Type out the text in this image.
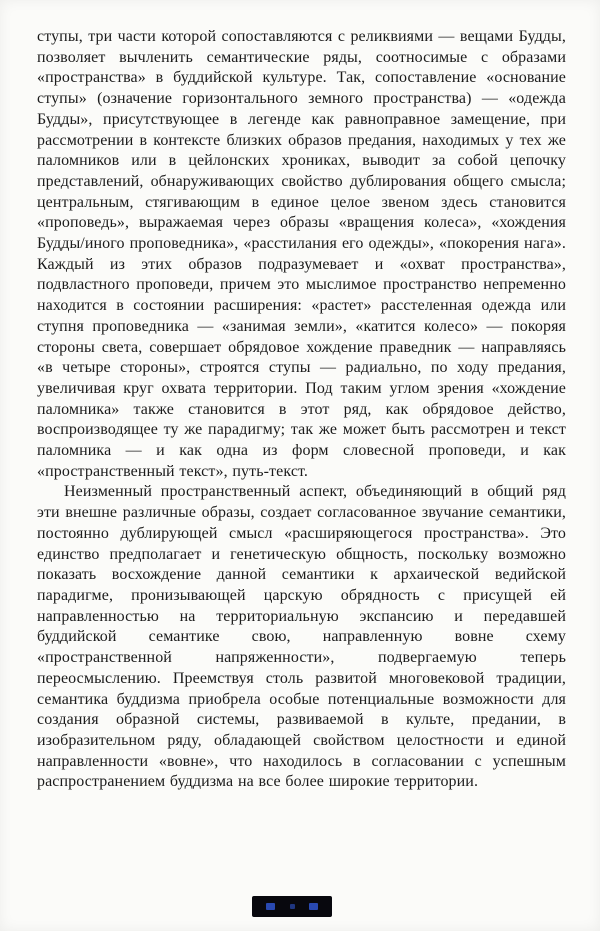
ступы, три части которой сопоставляются с реликвиями — вещами Будды, позволяет вычленить семантические ряды, соотносимые с образами «пространства» в буддийской культуре. Так, сопоставление «основание ступы» (означение горизонтального земного пространства) — «одежда Будды», присутствующее в легенде как равноправное замещение, при рассмотрении в контексте близких образов предания, находимых у тех же паломников или в цейлонских хрониках, выводит за собой цепочку представлений, обнаруживающих свойство дублирования общего смысла; центральным, стягивающим в единое целое звеном здесь становится «проповедь», выражаемая через образы «вращения колеса», «хождения Будды/иного проповедника», «расстилания его одежды», «покорения нага». Каждый из этих образов подразумевает и «охват пространства», подвластного проповеди, причем это мыслимое пространство непременно находится в состоянии расширения: «растет» расстеленная одежда или ступня проповедника — «занимая земли», «катится колесо» — покоряя стороны света, совершает обрядовое хождение праведник — направляясь «в четыре стороны», строятся ступы — радиально, по ходу предания, увеличивая круг охвата территории. Под таким углом зрения «хождение паломника» также становится в этот ряд, как обрядовое действо, воспроизводящее ту же парадигму; так же может быть рассмотрен и текст паломника — и как одна из форм словесной проповеди, и как «пространственный текст», путь-текст.

Неизменный пространственный аспект, объединяющий в общий ряд эти внешне различные образы, создает согласованное звучание семантики, постоянно дублирующей смысл «расширяющегося пространства». Это единство предполагает и генетическую общность, поскольку возможно показать восхождение данной семантики к архаической ведийской парадигме, пронизывающей царскую обрядность с присущей ей направленностью на территориальную экспансию и передавшей буддийской семантике свою, направленную вовне схему «пространственной напряженности», подвергаемую теперь переосмыслению. Преемствуя столь развитой многовековой традиции, семантика буддизма приобрела особые потенциальные возможности для создания образной системы, развиваемой в культе, предании, в изобразительном ряду, обладающей свойством целостности и единой направленности «вовне», что находилось в согласовании с успешным распространением буддизма на все более широкие территории.
